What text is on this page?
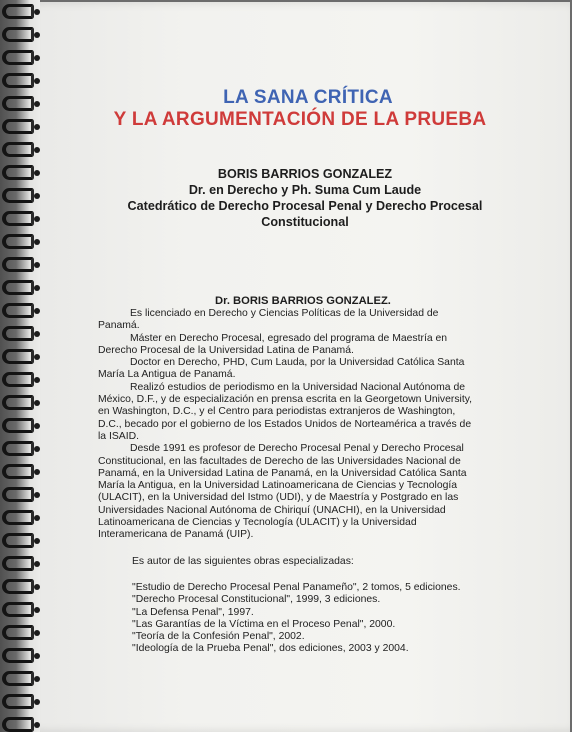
LA SANA CRÍTICA
Y LA ARGUMENTACIÓN DE LA PRUEBA
BORIS BARRIOS GONZALEZ
Dr. en Derecho y Ph. Suma Cum Laude
Catedrático de Derecho Procesal Penal y Derecho Procesal
Constitucional
Dr. BORIS BARRIOS GONZALEZ.

Es licenciado en Derecho y Ciencias Políticas de la Universidad de Panamá.

Máster en Derecho Procesal, egresado del programa de Maestría en Derecho Procesal de la Universidad Latina de Panamá.

Doctor en Derecho, PHD, Cum Lauda, por la Universidad Católica Santa María La Antigua de Panamá.

Realizó estudios de periodismo en la Universidad Nacional Autónoma de México, D.F., y de especialización en prensa escrita en la Georgetown University, en Washington, D.C., y el Centro para periodistas extranjeros de Washington, D.C., becado por el gobierno de los Estados Unidos de Norteamérica a través de la ISAID.

Desde 1991 es profesor de Derecho Procesal Penal y Derecho Procesal Constitucional, en las facultades de Derecho de las Universidades Nacional de Panamá, en la Universidad Latina de Panamá, en la Universidad Católica Santa María la Antigua, en la Universidad Latinoamericana de Ciencias y Tecnología (ULACIT), en la Universidad del Istmo (UDI), y de Maestría y Postgrado en las Universidades Nacional Autónoma de Chiriquí (UNACHI), en la Universidad Latinoamericana de Ciencias y Tecnología (ULACIT) y la Universidad Interamericana de Panamá (UIP).

Es autor de las siguientes obras especializadas:

"Estudio de Derecho Procesal Penal Panameño", 2 tomos, 5 ediciones.
"Derecho Procesal Constitucional", 1999, 3 ediciones.
"La Defensa Penal", 1997.
"Las Garantías de la Víctima en el Proceso Penal", 2000.
"Teoría de la Confesión Penal", 2002.
"Ideología de la Prueba Penal", dos ediciones, 2003 y 2004.
